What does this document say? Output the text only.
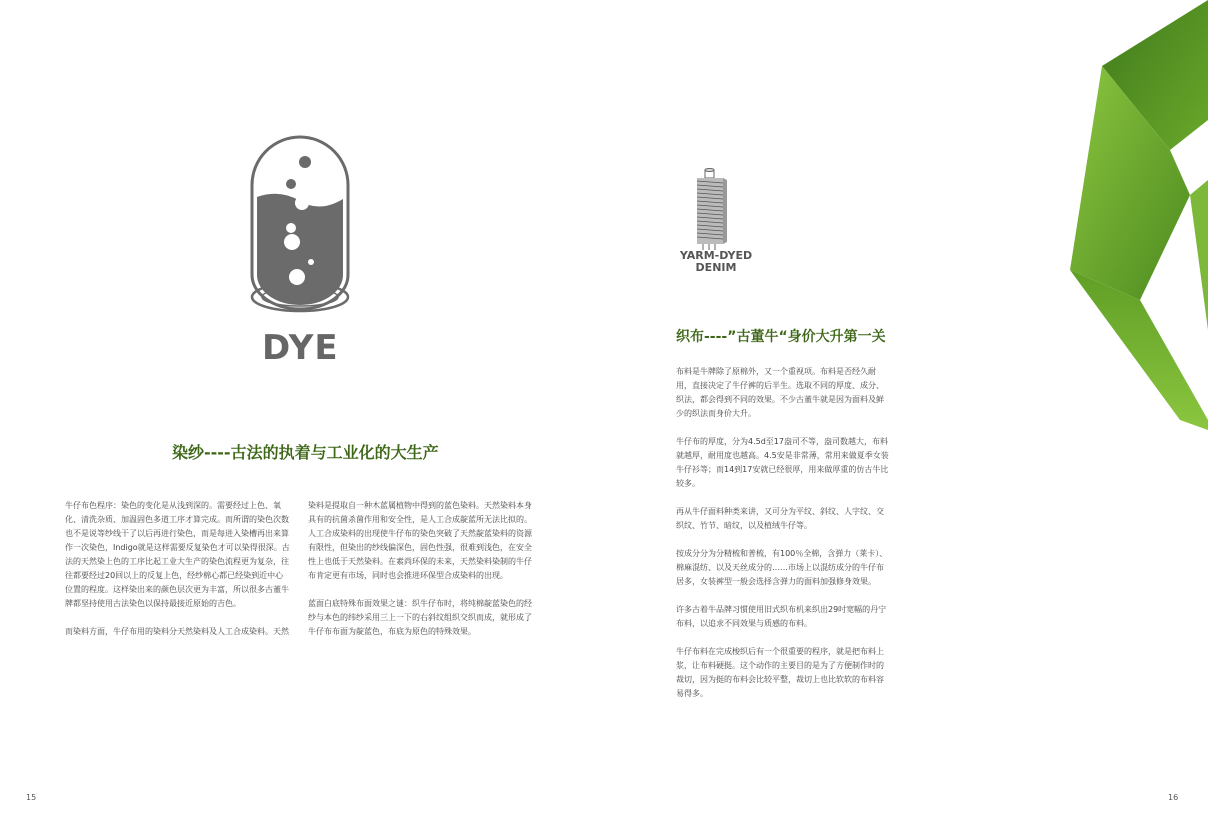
DYE
染纱----古法的执着与工业化的大生产

牛仔布色程序：染色的变化是从浅到深的。需要经过上色、氧化、清洗杂质、加温固色多道工序才算完成。而所谓的染色次数也不是说等纱线干了以后再进行染色，而是每进入染槽再出来算作一次染色，Indigo就是这样需要反复染色才可以染得很深。古法的天然染上色的工序比起工业大生产的染色流程更为复杂，往往都要经过20回以上的反复上色，经纱棉心都已经染到近中心位置的程度。这样染出来的颜色层次更为丰富，所以很多古董牛牌都坚持使用古法染色以保持最接近原始的吉色。

而染料方面，牛仔布用的染料分天然染料及人工合成染料。天然

染料是提取自一种木蓝属植物中得到的蓝色染料。天然染料本身具有的抗菌杀菌作用和安全性，是人工合成靛蓝所无法比拟的。人工合成染料的出现使牛仔布的染色突破了天然靛蓝染料的资源有限性，但染出的纱线偏深色，固色性强，很难到浅色，在安全性上也低于天然染料。在素尚环保的未来，天然染料染制的牛仔布肯定更有市场，同时也会推进环保型合成染料的出现。

蓝面白底特殊布面效果之谜：织牛仔布时，将纯棉靛蓝染色的经纱与本色的纬纱采用三上一下的右斜纹组织交织而成，就形成了牛仔布布面为靛蓝色，布底为原色的特殊效果。

15
YARM-DYED
DENIM
织布----”古董牛“身价大升第一关

布料是牛牌除了原棉外，又一个重视项。布料是否经久耐用，直接决定了牛仔裤的后半生。选取不同的厚度、成分、织法，都会得到不同的效果。不少古董牛就是因为面料及鲜少的织法而身价大升。

牛仔布的厚度，分为4.5d至17盎司不等，盎司数越大，布料就越厚，耐用度也越高。4.5安是非常薄，常用来做夏季女装牛仔衫等；而14到17安就已经很厚，用来做厚重的仿古牛比较多。

再从牛仔面料种类来讲，又可分为平纹、斜纹、人字纹、交织纹、竹节、暗纹，以及植绒牛仔等。

按成分分为分精梳和普梳，有100％全棉，含弹力（莱卡）、棉麻混纺、以及天丝成分的……市场上以混纺成分的牛仔布居多，女装裤型一般会选择含弹力的面料加强修身效果。

许多古着牛品牌习惯使用旧式织布机来织出29吋宽幅的丹宁布料，以追求不同效果与质感的布料。

牛仔布料在完成梭织后有一个很重要的程序，就是把布料上浆，让布料硬挺。这个动作的主要目的是为了方便制作时的裁切，因为挺的布料会比较平整，裁切上也比软软的布料容易得多。

16
